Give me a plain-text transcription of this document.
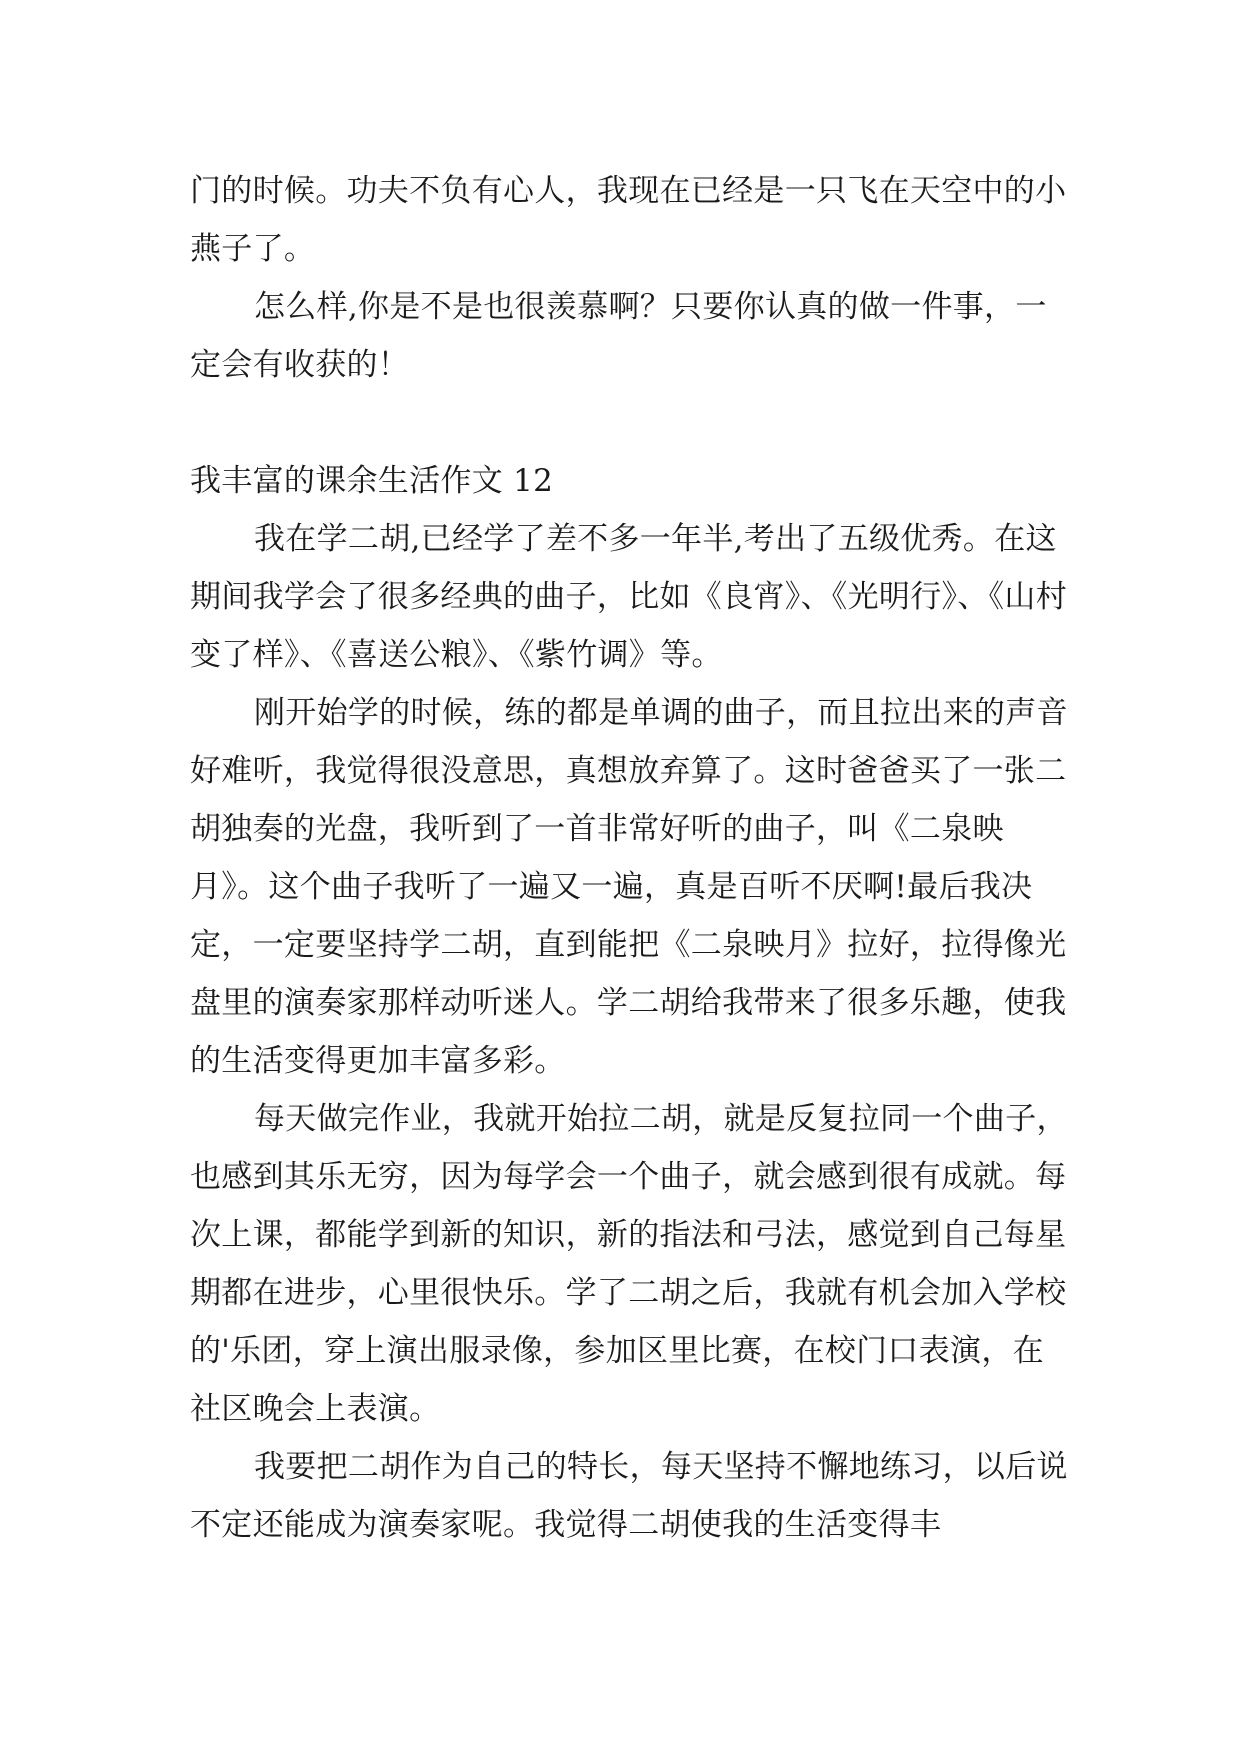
门的时候。功夫不负有心人，我现在已经是一只飞在天空中的小燕子了。

怎么样,你是不是也很羡慕啊？只要你认真的做一件事，一定会有收获的！

我丰富的课余生活作文 12

我在学二胡,已经学了差不多一年半,考出了五级优秀。在这期间我学会了很多经典的曲子，比如《良宵》、《光明行》、《山村变了样》、《喜送公粮》、《紫竹调》等。

刚开始学的时候，练的都是单调的曲子，而且拉出来的声音好难听，我觉得很没意思，真想放弃算了。这时爸爸买了一张二胡独奏的光盘，我听到了一首非常好听的曲子，叫《二泉映月》。这个曲子我听了一遍又一遍，真是百听不厌啊!最后我决定，一定要坚持学二胡，直到能把《二泉映月》拉好，拉得像光盘里的演奏家那样动听迷人。学二胡给我带来了很多乐趣，使我的生活变得更加丰富多彩。

每天做完作业，我就开始拉二胡，就是反复拉同一个曲子，也感到其乐无穷，因为每学会一个曲子，就会感到很有成就。每次上课，都能学到新的知识，新的指法和弓法，感觉到自己每星期都在进步，心里很快乐。学了二胡之后，我就有机会加入学校的'乐团，穿上演出服录像，参加区里比赛，在校门口表演，在社区晚会上表演。

我要把二胡作为自己的特长，每天坚持不懈地练习，以后说不定还能成为演奏家呢。我觉得二胡使我的生活变得丰
